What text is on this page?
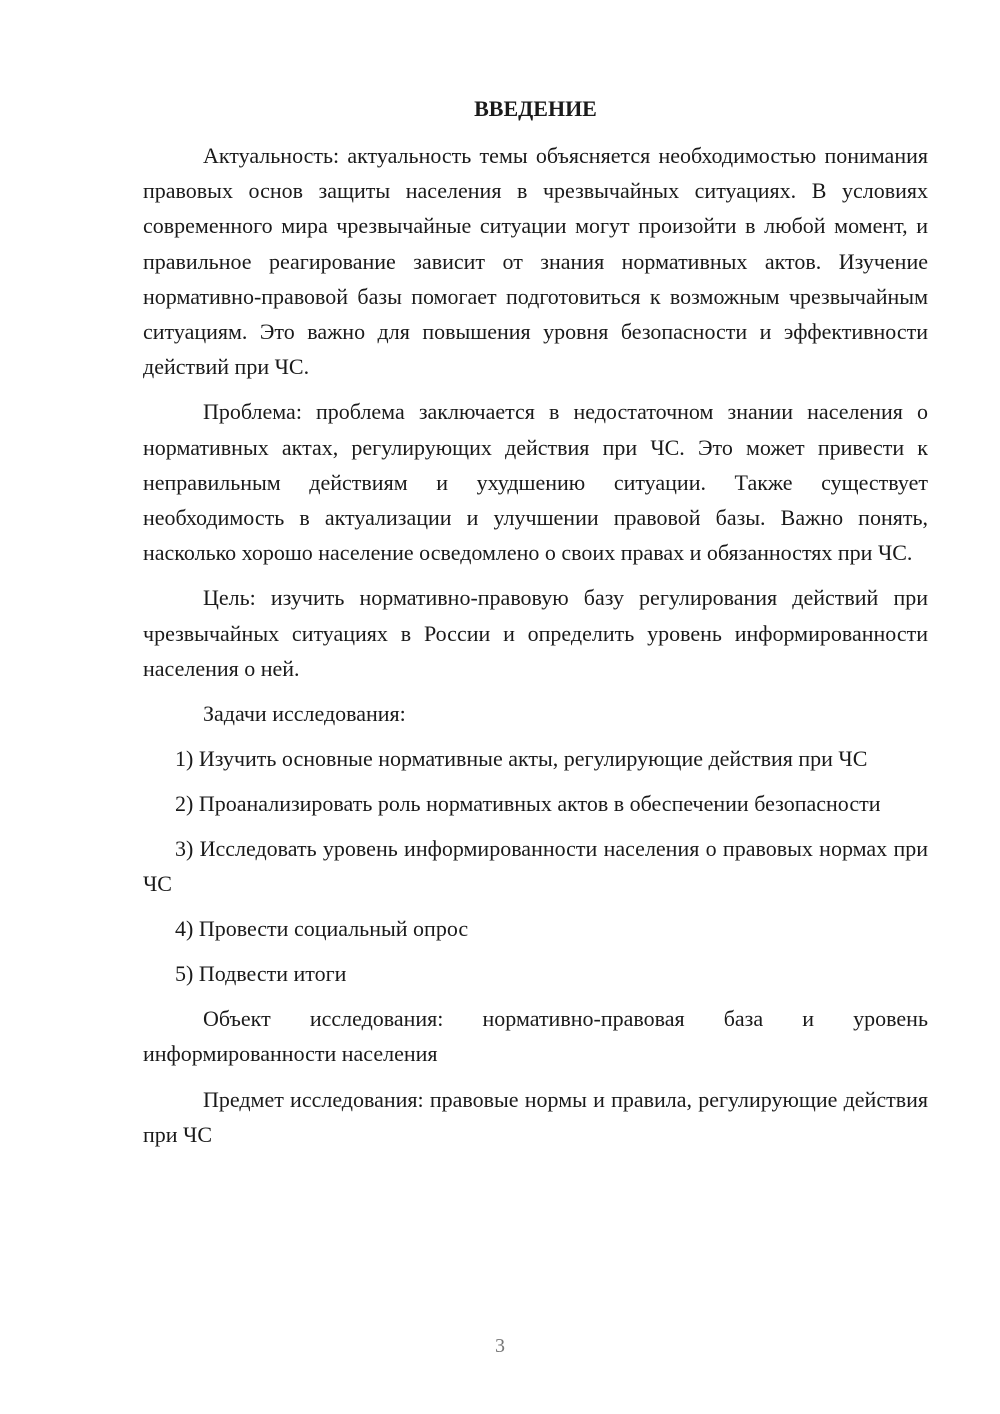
ВВЕДЕНИЕ

Актуальность: актуальность темы объясняется необходимостью понимания правовых основ защиты населения в чрезвычайных ситуациях. В условиях современного мира чрезвычайные ситуации могут произойти в любой момент, и правильное реагирование зависит от знания нормативных актов. Изучение нормативно-правовой базы помогает подготовиться к возможным чрезвычайным ситуациям. Это важно для повышения уровня безопасности и эффективности действий при ЧС.

Проблема: проблема заключается в недостаточном знании населения о нормативных актах, регулирующих действия при ЧС. Это может привести к неправильным действиям и ухудшению ситуации. Также существует необходимость в актуализации и улучшении правовой базы. Важно понять, насколько хорошо население осведомлено о своих правах и обязанностях при ЧС.

Цель: изучить нормативно-правовую базу регулирования действий при чрезвычайных ситуациях в России и определить уровень информированности населения о ней.

Задачи исследования:

1) Изучить основные нормативные акты, регулирующие действия при ЧС

2) Проанализировать роль нормативных актов в обеспечении безопасности

3) Исследовать уровень информированности населения о правовых нормах при ЧС

4) Провести социальный опрос

5) Подвести итоги

Объект исследования: нормативно-правовая база и уровень информированности населения

Предмет исследования: правовые нормы и правила, регулирующие действия при ЧС

3
